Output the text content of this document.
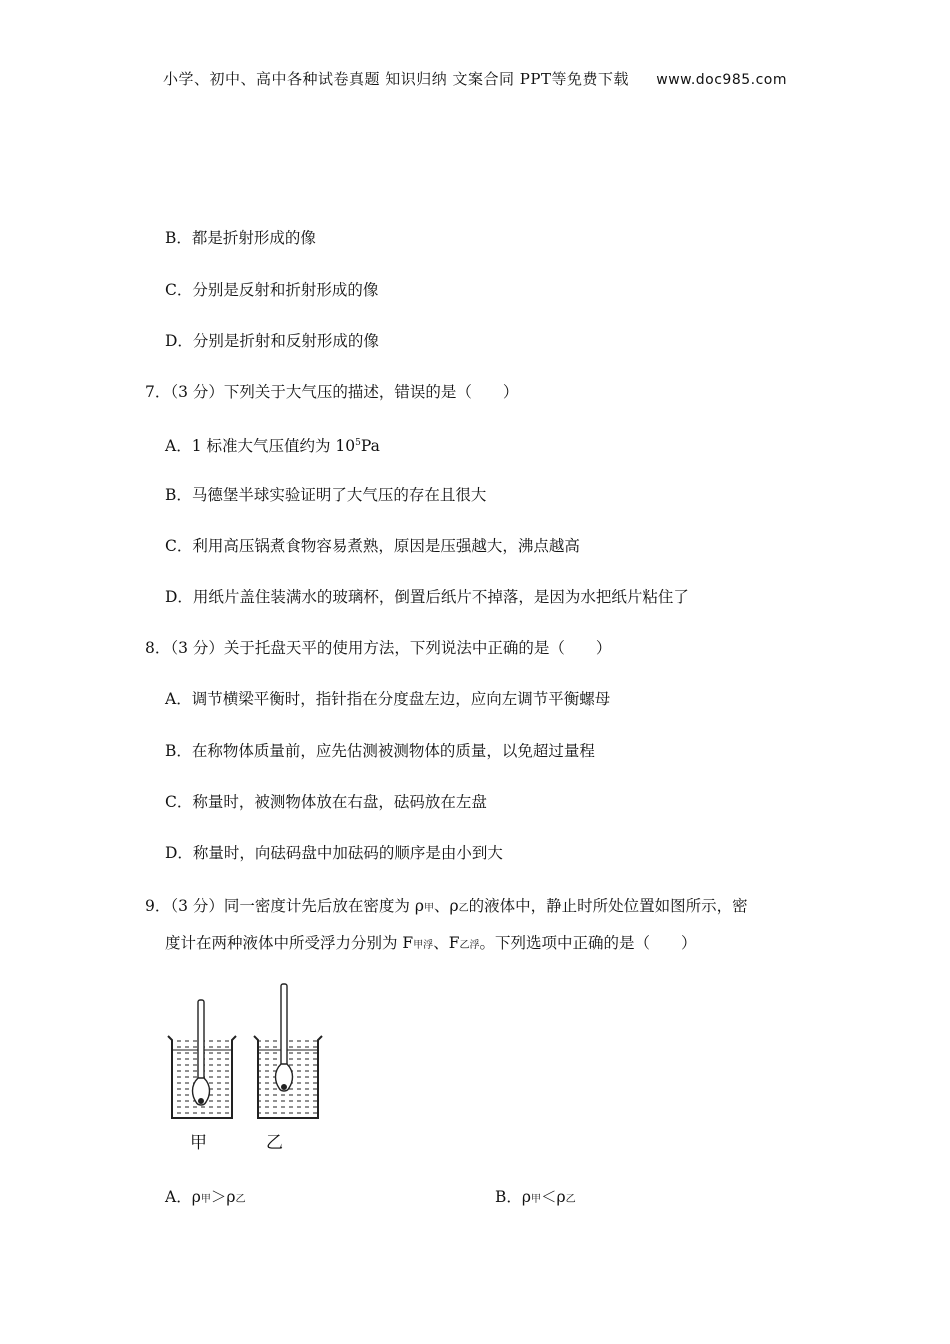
小学、初中、高中各种试卷真题 知识归纳 文案合同 PPT等免费下载 www.doc985.com
B．都是折射形成的像
C．分别是反射和折射形成的像
D．分别是折射和反射形成的像
7．（3 分）下列关于大气压的描述，错误的是（　　）
A．1 标准大气压值约为 $10^5Pa$
B．马德堡半球实验证明了大气压的存在且很大
C．利用高压锅煮食物容易煮熟，原因是压强越大，沸点越高
D．用纸片盖住装满水的玻璃杯，倒置后纸片不掉落，是因为水把纸片粘住了
8．（3 分）关于托盘天平的使用方法，下列说法中正确的是（　　）
A．调节横梁平衡时，指针指在分度盘左边，应向左调节平衡螺母
B．在称物体质量前，应先估测被测物体的质量，以免超过量程
C．称量时，被测物体放在右盘，砝码放在左盘
D．称量时，向砝码盘中加砝码的顺序是由小到大
9．（3 分）同一密度计先后放在密度为 ρ甲、ρ乙的液体中，静止时所处位置如图所示，密
度计在两种液体中所受浮力分别为 F甲浮、F乙浮。下列选项中正确的是（　　）
甲	乙
A．ρ甲＞ρ乙	B．ρ甲＜ρ乙
